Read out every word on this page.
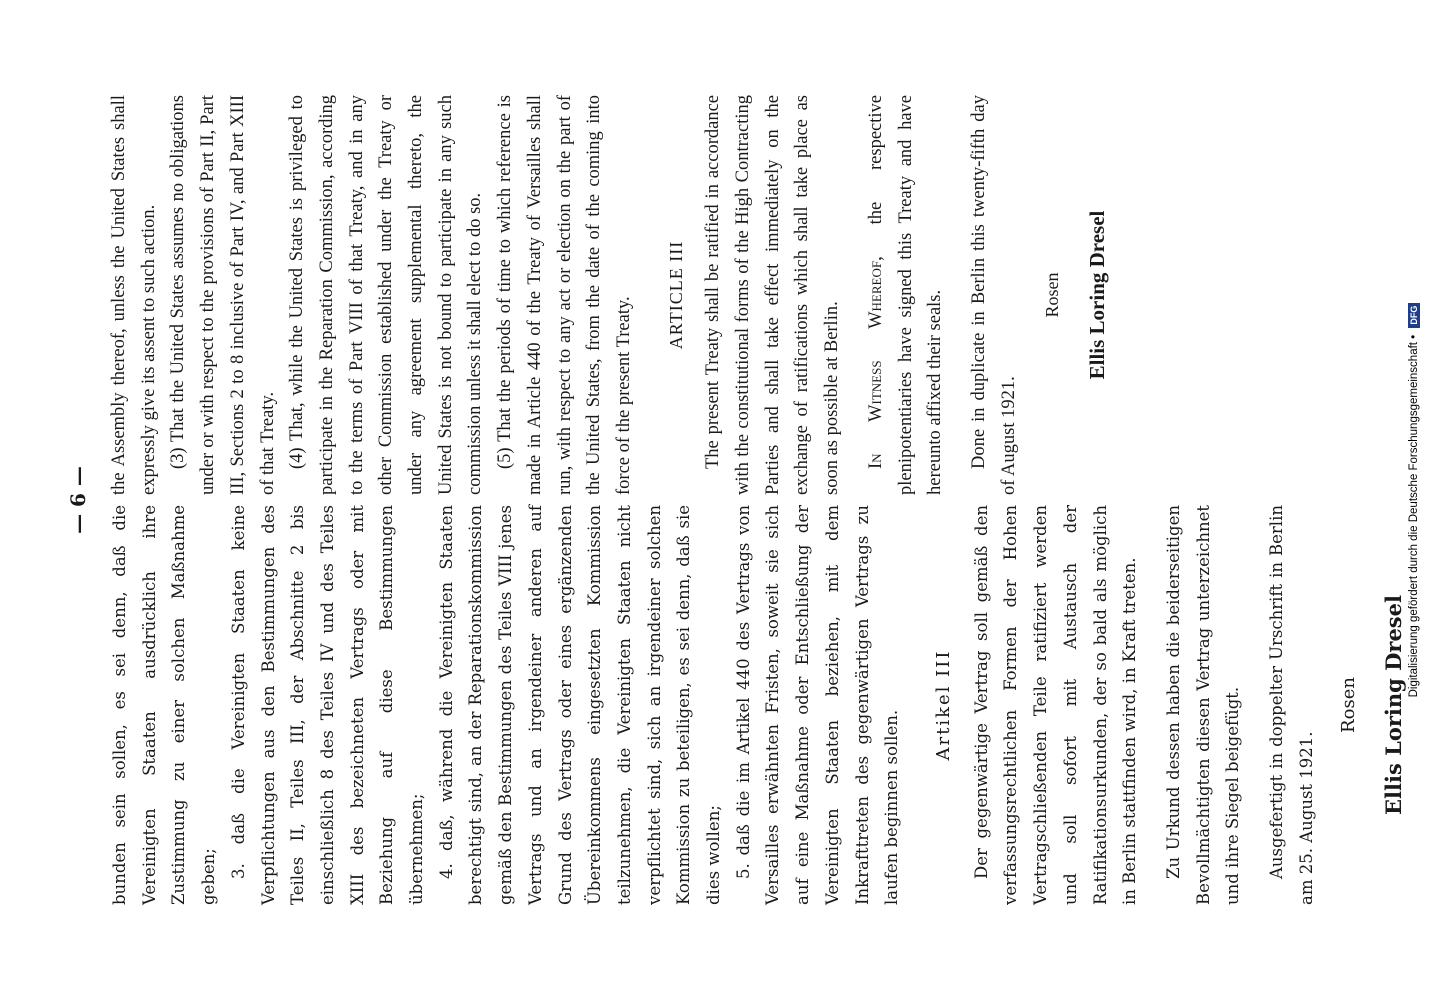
— 6 —

bunden sein sollen, es sei denn, daß die Vereinigten Staaten ausdrücklich ihre Zustimmung zu einer solchen Maßnahme geben; 3. daß die Vereinigten Staaten keine Verpflichtungen aus den Bestimmungen des Teiles II, Teiles III, der Abschnitte 2 bis einschließlich 8 des Teiles IV und des Teiles XIII des bezeichneten Vertrags oder mit Beziehung auf diese Bestimmungen übernehmen; 4. daß, während die Vereinigten Staaten berechtigt sind, an der Reparationskommission gemäß den Bestimmungen des Teiles VIII jenes Vertrags und an irgendeiner anderen auf Grund des Vertrags oder eines ergänzenden Übereinkommens eingesetzten Kommission teilzunehmen, die Vereinigten Staaten nicht verpflichtet sind, sich an irgendeiner solchen Kommission zu beteiligen, es sei denn, daß sie dies wollen; 5. daß die im Artikel 440 des Vertrags von Versailles erwähnten Fristen, soweit sie sich auf eine Maßnahme oder Entschließung der Vereinigten Staaten beziehen, mit dem Inkrafttreten des gegenwärtigen Vertrags zu laufen beginnen sollen.

Artikel III	Der gegenwärtige Vertrag soll gemäß den verfassungsrechtlichen Formen der Hohen Vertragschließenden Teile ratifiziert werden und soll sofort mit Austausch der Ratifikationsurkunden, der so bald als möglich in Berlin stattfinden wird, in Kraft treten.	Zu Urkund dessen haben die beiderseitigen Bevollmächtigten diesen Vertrag unterzeichnet und ihre Siegel beigefügt.	Ausgefertigt in doppelter Urschrift in Berlin am 25. August 1921.

Rosen	Ellis Loring Dresel

the Assembly thereof, unless the United States shall expressly give its assent to such action. (3) That the United States assumes no obligations under or with respect to the provisions of Part II, Part III, Sections 2 to 8 inclusive of Part IV, and Part XIII of that Treaty. (4) That, while the United States is privileged to participate in the Reparation Commission, according to the terms of Part VIII of that Treaty, and in any other Commission established under the Treaty or under any agreement supplemental thereto, the United States is not bound to participate in any such commission unless it shall elect to do so. (5) That the periods of time to which reference is made in Article 440 of the Treaty of Versailles shall run, with respect to any act or election on the part of the United States, from the date of the coming into force of the present Treaty.

ARTICLE III The present Treaty shall be ratified in accordance with the constitutional forms of the High Contracting Parties and shall take effect immediately on the exchange of ratifications which shall take place as soon as possible at Berlin.	In Witness Whereof, the respective plenipotentiaries have signed this Treaty and have hereunto affixed their seals.	Done in duplicate in Berlin this twenty-fifth day of August 1921.

Rosen	Ellis Loring Dresel
Digitalisierung gefördert durch die Deutsche Forschungsgemeinschaft • DFG
